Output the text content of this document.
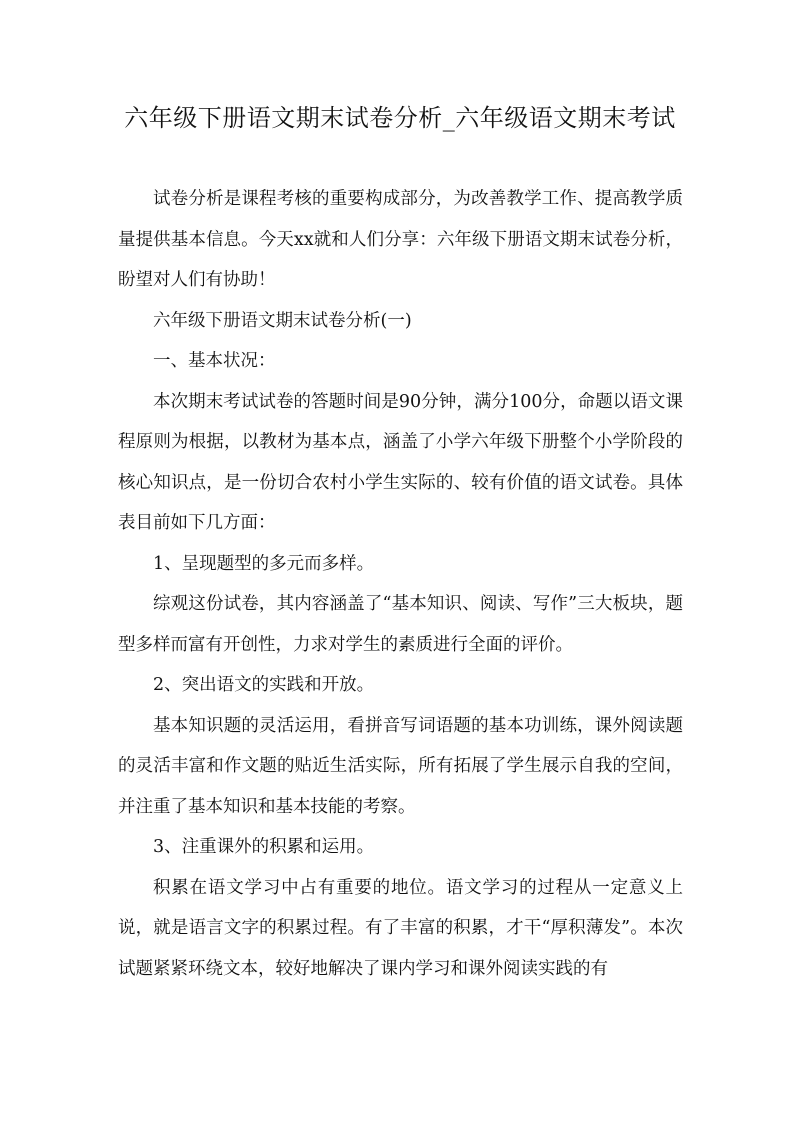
六年级下册语文期末试卷分析_六年级语文期末考试

试卷分析是课程考核的重要构成部分，为改善教学工作、提高教学质量提供基本信息。今天xx就和人们分享：六年级下册语文期末试卷分析，盼望对人们有协助！

六年级下册语文期末试卷分析(一)

一、基本状况：

本次期末考试试卷的答题时间是90分钟，满分100分，命题以语文课程原则为根据，以教材为基本点，涵盖了小学六年级下册整个小学阶段的核心知识点，是一份切合农村小学生实际的、较有价值的语文试卷。具体表目前如下几方面：

1、呈现题型的多元而多样。

综观这份试卷，其内容涵盖了“基本知识、阅读、写作”三大板块，题型多样而富有开创性，力求对学生的素质进行全面的评价。

2、突出语文的实践和开放。

基本知识题的灵活运用，看拼音写词语题的基本功训练，课外阅读题的灵活丰富和作文题的贴近生活实际，所有拓展了学生展示自我的空间，并注重了基本知识和基本技能的考察。

3、注重课外的积累和运用。

积累在语文学习中占有重要的地位。语文学习的过程从一定意义上说，就是语言文字的积累过程。有了丰富的积累，才干“厚积薄发”。本次试题紧紧环绕文本，较好地解决了课内学习和课外阅读实践的有
